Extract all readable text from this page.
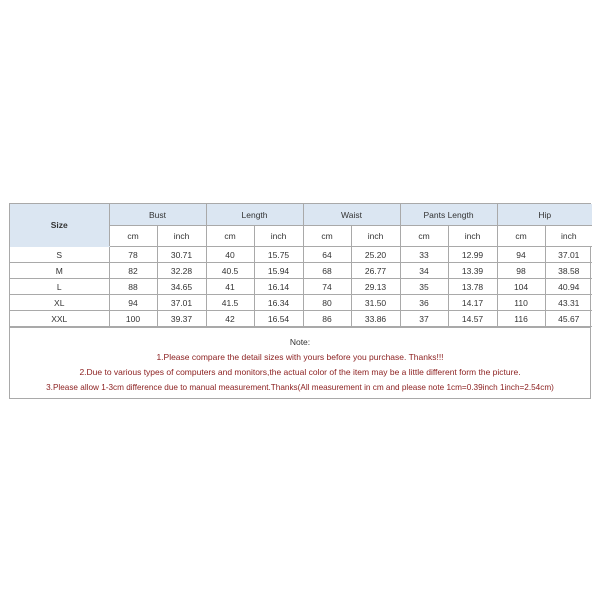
Size	Bust		Length		Waist		Pants Length		Hip	
	cm	inch	cm	inch	cm	inch	cm	inch	cm	inch
S	78	30.71	40	15.75	64	25.20	33	12.99	94	37.01
M	82	32.28	40.5	15.94	68	26.77	34	13.39	98	38.58
L	88	34.65	41	16.14	74	29.13	35	13.78	104	40.94
XL	94	37.01	41.5	16.34	80	31.50	36	14.17	110	43.31
XXL	100	39.37	42	16.54	86	33.86	37	14.57	116	45.67
Note:
1.Please compare the detail sizes with yours before you purchase. Thanks!!!
2.Due to various types of computers and monitors,the actual color of the item may be a little different form the picture.
3.Please allow 1-3cm difference due to manual measurement.Thanks(All measurement in cm and please note 1cm=0.39inch 1inch=2.54cm)
